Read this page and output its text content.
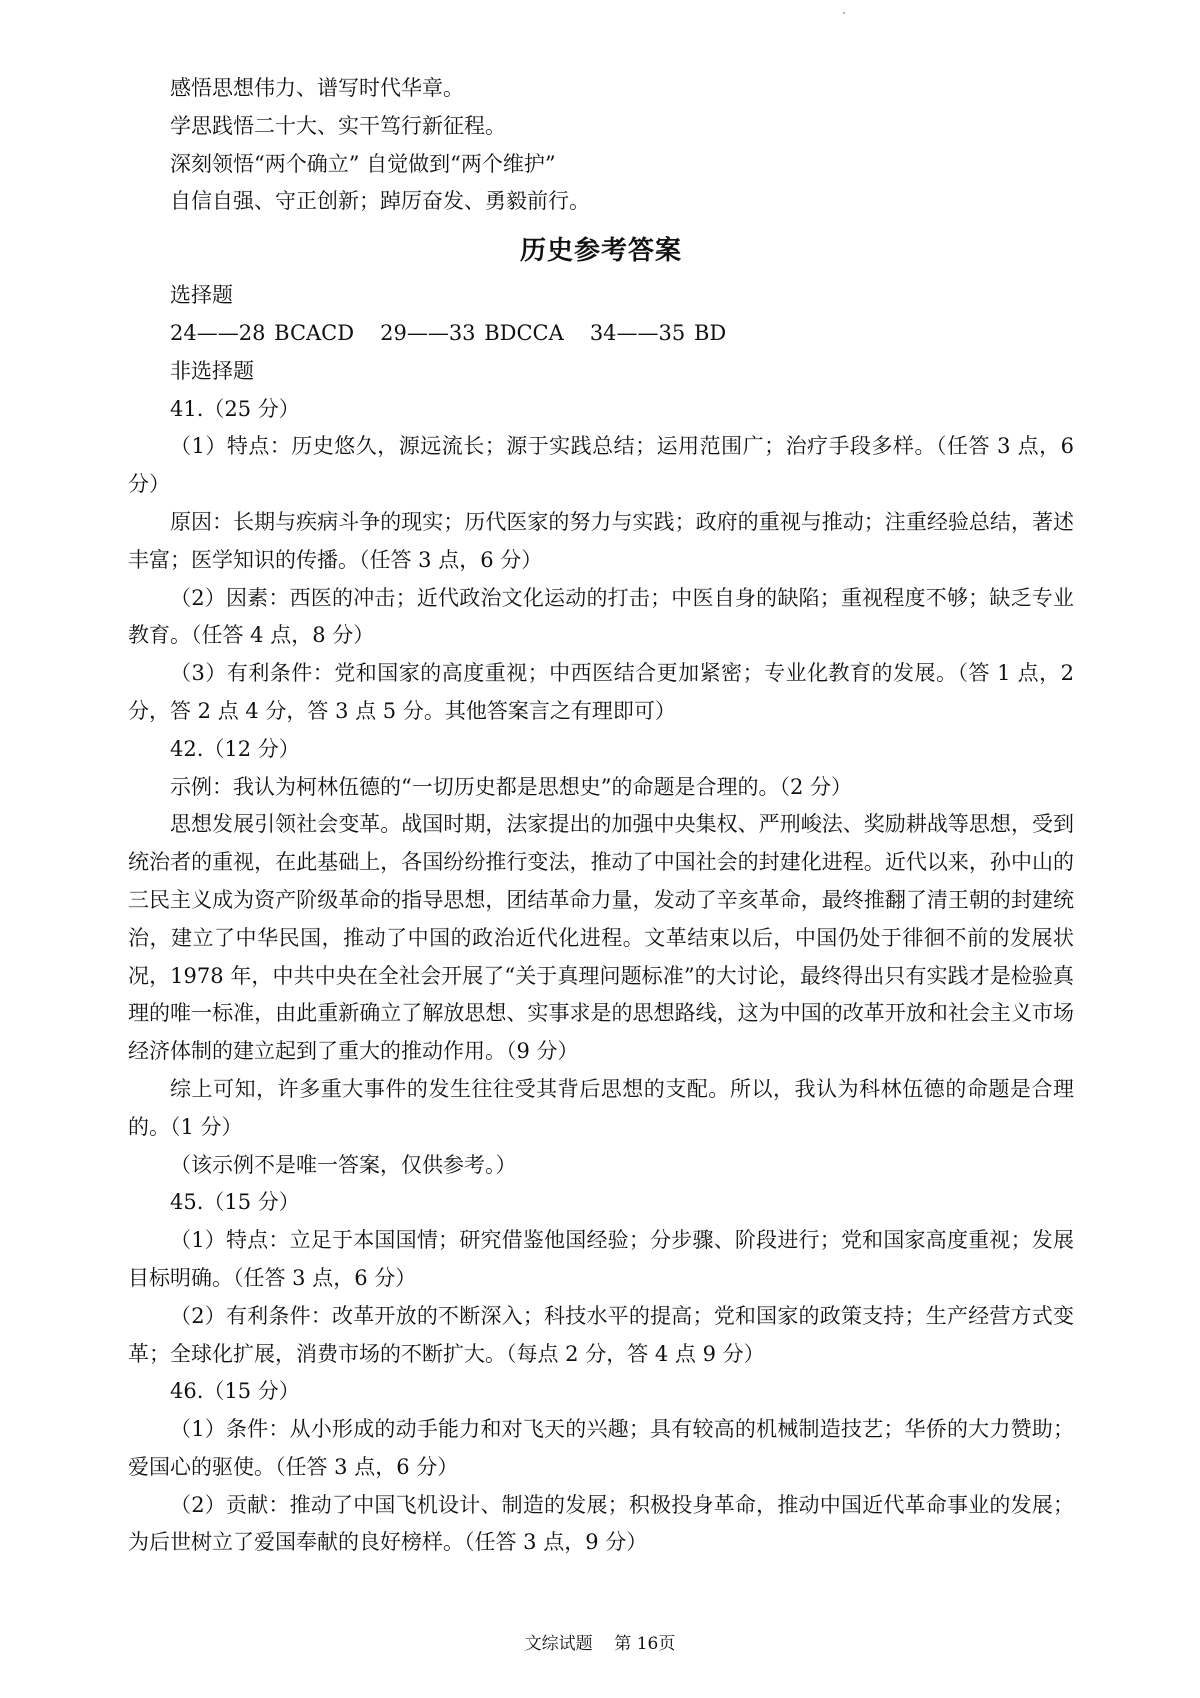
感悟思想伟力、谱写时代华章。
学思践悟二十大、实干笃行新征程。
深刻领悟“两个确立” 自觉做到“两个维护”
自信自强、守正创新；踔厉奋发、勇毅前行。
历史参考答案
选择题
24——28 BCACD   29——33 BDCCA   34——35 BD
非选择题
41.（25 分）
（1）特点：历史悠久，源远流长；源于实践总结；运用范围广；治疗手段多样。（任答 3 点，6 分）
原因：长期与疾病斗争的现实；历代医家的努力与实践；政府的重视与推动；注重经验总结，著述丰富；医学知识的传播。（任答 3 点，6 分）
（2）因素：西医的冲击；近代政治文化运动的打击；中医自身的缺陷；重视程度不够；缺乏专业教育。（任答 4 点，8 分）
（3）有利条件：党和国家的高度重视；中西医结合更加紧密；专业化教育的发展。（答 1 点，2 分，答 2 点 4 分，答 3 点 5 分。其他答案言之有理即可）
42.（12 分）
示例：我认为柯林伍德的“一切历史都是思想史”的命题是合理的。（2 分）
思想发展引领社会变革。战国时期，法家提出的加强中央集权、严刑峻法、奖励耕战等思想，受到统治者的重视，在此基础上，各国纷纷推行变法，推动了中国社会的封建化进程。近代以来，孙中山的三民主义成为资产阶级革命的指导思想，团结革命力量，发动了辛亥革命，最终推翻了清王朝的封建统治，建立了中华民国，推动了中国的政治近代化进程。文革结束以后，中国仍处于徘徊不前的发展状况，1978 年，中共中央在全社会开展了“关于真理问题标准”的大讨论，最终得出只有实践才是检验真理的唯一标准，由此重新确立了解放思想、实事求是的思想路线，这为中国的改革开放和社会主义市场经济体制的建立起到了重大的推动作用。（9 分）
综上可知，许多重大事件的发生往往受其背后思想的支配。所以，我认为科林伍德的命题是合理的。（1 分）
（该示例不是唯一答案，仅供参考。）
45.（15 分）
（1）特点：立足于本国国情；研究借鉴他国经验；分步骤、阶段进行；党和国家高度重视；发展目标明确。（任答 3 点，6 分）
（2）有利条件：改革开放的不断深入；科技水平的提高；党和国家的政策支持；生产经营方式变革；全球化扩展，消费市场的不断扩大。（每点 2 分，答 4 点 9 分）
46.（15 分）
（1）条件：从小形成的动手能力和对飞天的兴趣；具有较高的机械制造技艺；华侨的大力赞助；爱国心的驱使。（任答 3 点，6 分）
（2）贡献：推动了中国飞机设计、制造的发展；积极投身革命，推动中国近代革命事业的发展；为后世树立了爱国奉献的良好榜样。（任答 3 点，9 分）
文综试题    第 16页
